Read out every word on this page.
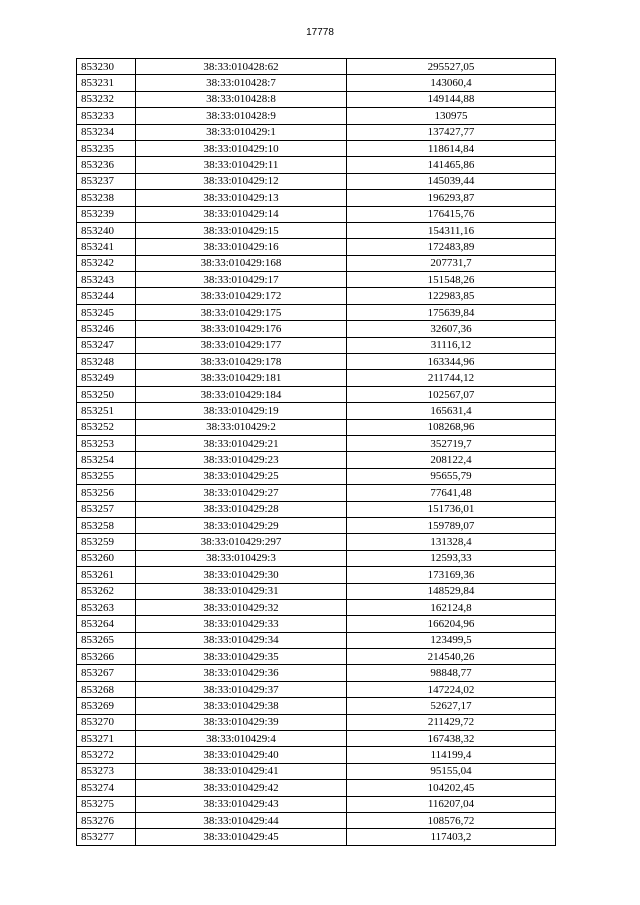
17778
853230	38:33:010428:62	295527,05
853231	38:33:010428:7	143060,4
853232	38:33:010428:8	149144,88
853233	38:33:010428:9	130975
853234	38:33:010429:1	137427,77
853235	38:33:010429:10	118614,84
853236	38:33:010429:11	141465,86
853237	38:33:010429:12	145039,44
853238	38:33:010429:13	196293,87
853239	38:33:010429:14	176415,76
853240	38:33:010429:15	154311,16
853241	38:33:010429:16	172483,89
853242	38:33:010429:168	207731,7
853243	38:33:010429:17	151548,26
853244	38:33:010429:172	122983,85
853245	38:33:010429:175	175639,84
853246	38:33:010429:176	32607,36
853247	38:33:010429:177	31116,12
853248	38:33:010429:178	163344,96
853249	38:33:010429:181	211744,12
853250	38:33:010429:184	102567,07
853251	38:33:010429:19	165631,4
853252	38:33:010429:2	108268,96
853253	38:33:010429:21	352719,7
853254	38:33:010429:23	208122,4
853255	38:33:010429:25	95655,79
853256	38:33:010429:27	77641,48
853257	38:33:010429:28	151736,01
853258	38:33:010429:29	159789,07
853259	38:33:010429:297	131328,4
853260	38:33:010429:3	12593,33
853261	38:33:010429:30	173169,36
853262	38:33:010429:31	148529,84
853263	38:33:010429:32	162124,8
853264	38:33:010429:33	166204,96
853265	38:33:010429:34	123499,5
853266	38:33:010429:35	214540,26
853267	38:33:010429:36	98848,77
853268	38:33:010429:37	147224,02
853269	38:33:010429:38	52627,17
853270	38:33:010429:39	211429,72
853271	38:33:010429:4	167438,32
853272	38:33:010429:40	114199,4
853273	38:33:010429:41	95155,04
853274	38:33:010429:42	104202,45
853275	38:33:010429:43	116207,04
853276	38:33:010429:44	108576,72
853277	38:33:010429:45	117403,2
